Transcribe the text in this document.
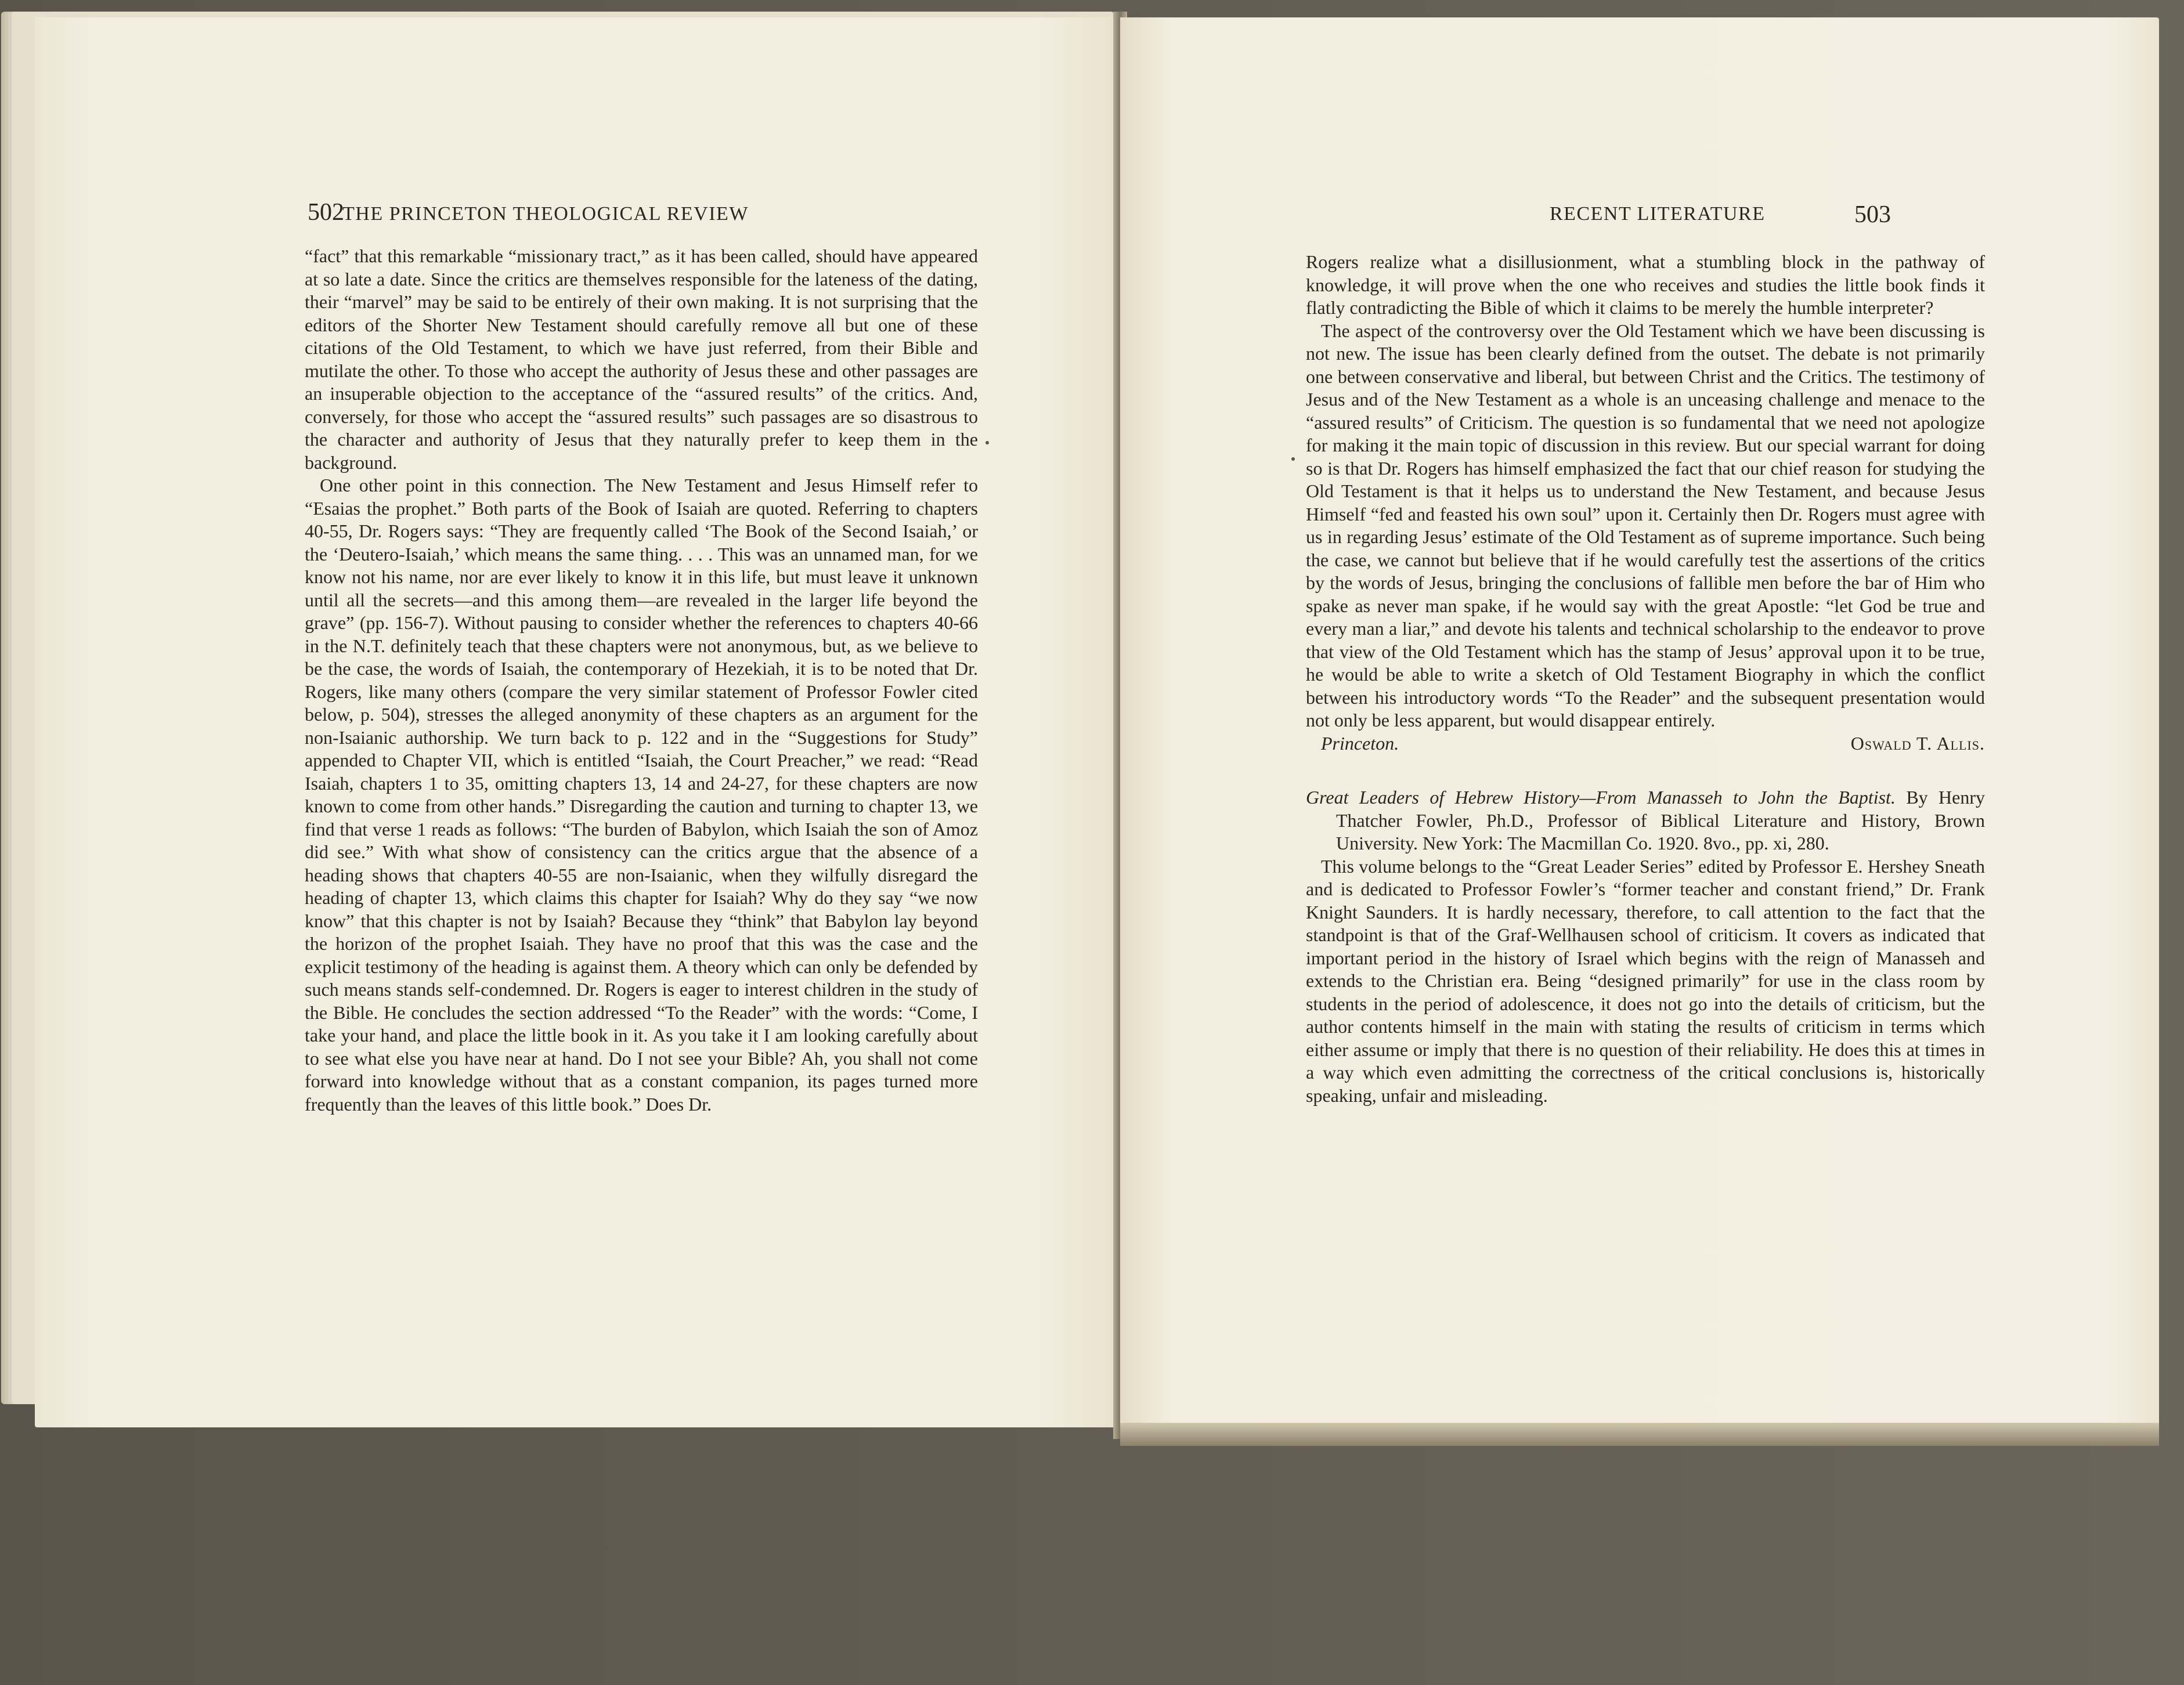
502
THE PRINCETON THEOLOGICAL REVIEW

“fact” that this remarkable “missionary tract,” as it has been called, should have appeared at so late a date. Since the critics are themselves responsible for the lateness of the dating, their “marvel” may be said to be entirely of their own making. It is not surprising that the editors of the Shorter New Testament should carefully remove all but one of these citations of the Old Testament, to which we have just referred, from their Bible and mutilate the other. To those who accept the authority of Jesus these and other passages are an insuperable objection to the acceptance of the “assured results” of the critics. And, conversely, for those who accept the “assured results” such passages are so disastrous to the character and authority of Jesus that they naturally prefer to keep them in the background.

One other point in this connection. The New Testament and Jesus Himself refer to “Esaias the prophet.” Both parts of the Book of Isaiah are quoted. Referring to chapters 40-55, Dr. Rogers says: “They are frequently called ‘The Book of the Second Isaiah,’ or the ‘Deutero-Isaiah,’ which means the same thing. . . . This was an unnamed man, for we know not his name, nor are ever likely to know it in this life, but must leave it unknown until all the secrets—and this among them—are revealed in the larger life beyond the grave” (pp. 156-7). Without pausing to consider whether the references to chapters 40-66 in the N.T. definitely teach that these chapters were not anonymous, but, as we believe to be the case, the words of Isaiah, the contemporary of Hezekiah, it is to be noted that Dr. Rogers, like many others (compare the very similar statement of Professor Fowler cited below, p. 504), stresses the alleged anonymity of these chapters as an argument for the non-Isaianic authorship. We turn back to p. 122 and in the “Suggestions for Study” appended to Chapter VII, which is entitled “Isaiah, the Court Preacher,” we read: “Read Isaiah, chapters 1 to 35, omitting chapters 13, 14 and 24-27, for these chapters are now known to come from other hands.” Disregarding the caution and turning to chapter 13, we find that verse 1 reads as follows: “The burden of Babylon, which Isaiah the son of Amoz did see.” With what show of consistency can the critics argue that the absence of a heading shows that chapters 40-55 are non-Isaianic, when they wilfully disregard the heading of chapter 13, which claims this chapter for Isaiah? Why do they say “we now know” that this chapter is not by Isaiah? Because they “think” that Babylon lay beyond the horizon of the prophet Isaiah. They have no proof that this was the case and the explicit testimony of the heading is against them. A theory which can only be defended by such means stands self-condemned. Dr. Rogers is eager to interest children in the study of the Bible. He concludes the section addressed “To the Reader” with the words: “Come, I take your hand, and place the little book in it. As you take it I am looking carefully about to see what else you have near at hand. Do I not see your Bible? Ah, you shall not come forward into knowledge without that as a constant companion, its pages turned more frequently than the leaves of this little book.” Does Dr.

RECENT LITERATURE	503

Rogers realize what a disillusionment, what a stumbling block in the pathway of knowledge, it will prove when the one who receives and studies the little book finds it flatly contradicting the Bible of which it claims to be merely the humble interpreter?

The aspect of the controversy over the Old Testament which we have been discussing is not new. The issue has been clearly defined from the outset. The debate is not primarily one between conservative and liberal, but between Christ and the Critics. The testimony of Jesus and of the New Testament as a whole is an unceasing challenge and menace to the “assured results” of Criticism. The question is so fundamental that we need not apologize for making it the main topic of discussion in this review. But our special warrant for doing so is that Dr. Rogers has himself emphasized the fact that our chief reason for studying the Old Testament is that it helps us to understand the New Testament, and because Jesus Himself “fed and feasted his own soul” upon it. Certainly then Dr. Rogers must agree with us in regarding Jesus’ estimate of the Old Testament as of supreme importance. Such being the case, we cannot but believe that if he would carefully test the assertions of the critics by the words of Jesus, bringing the conclusions of fallible men before the bar of Him who spake as never man spake, if he would say with the great Apostle: “let God be true and every man a liar,” and devote his talents and technical scholarship to the endeavor to prove that view of the Old Testament which has the stamp of Jesus’ approval upon it to be true, he would be able to write a sketch of Old Testament Biography in which the conflict between his introductory words “To the Reader” and the subsequent presentation would not only be less apparent, but would disappear entirely.

Princeton.	Oswald T. Allis.

Great Leaders of Hebrew History—From Manasseh to John the Baptist. By Henry Thatcher Fowler, Ph.D., Professor of Biblical Literature and History, Brown University. New York: The Macmillan Co. 1920. 8vo., pp. xi, 280.

This volume belongs to the “Great Leader Series” edited by Professor E. Hershey Sneath and is dedicated to Professor Fowler’s “former teacher and constant friend,” Dr. Frank Knight Saunders. It is hardly necessary, therefore, to call attention to the fact that the standpoint is that of the Graf-Wellhausen school of criticism. It covers as indicated that important period in the history of Israel which begins with the reign of Manasseh and extends to the Christian era. Being “designed primarily” for use in the class room by students in the period of adolescence, it does not go into the details of criticism, but the author contents himself in the main with stating the results of criticism in terms which either assume or imply that there is no question of their reliability. He does this at times in a way which even admitting the correctness of the critical conclusions is, historically speaking, unfair and misleading.
